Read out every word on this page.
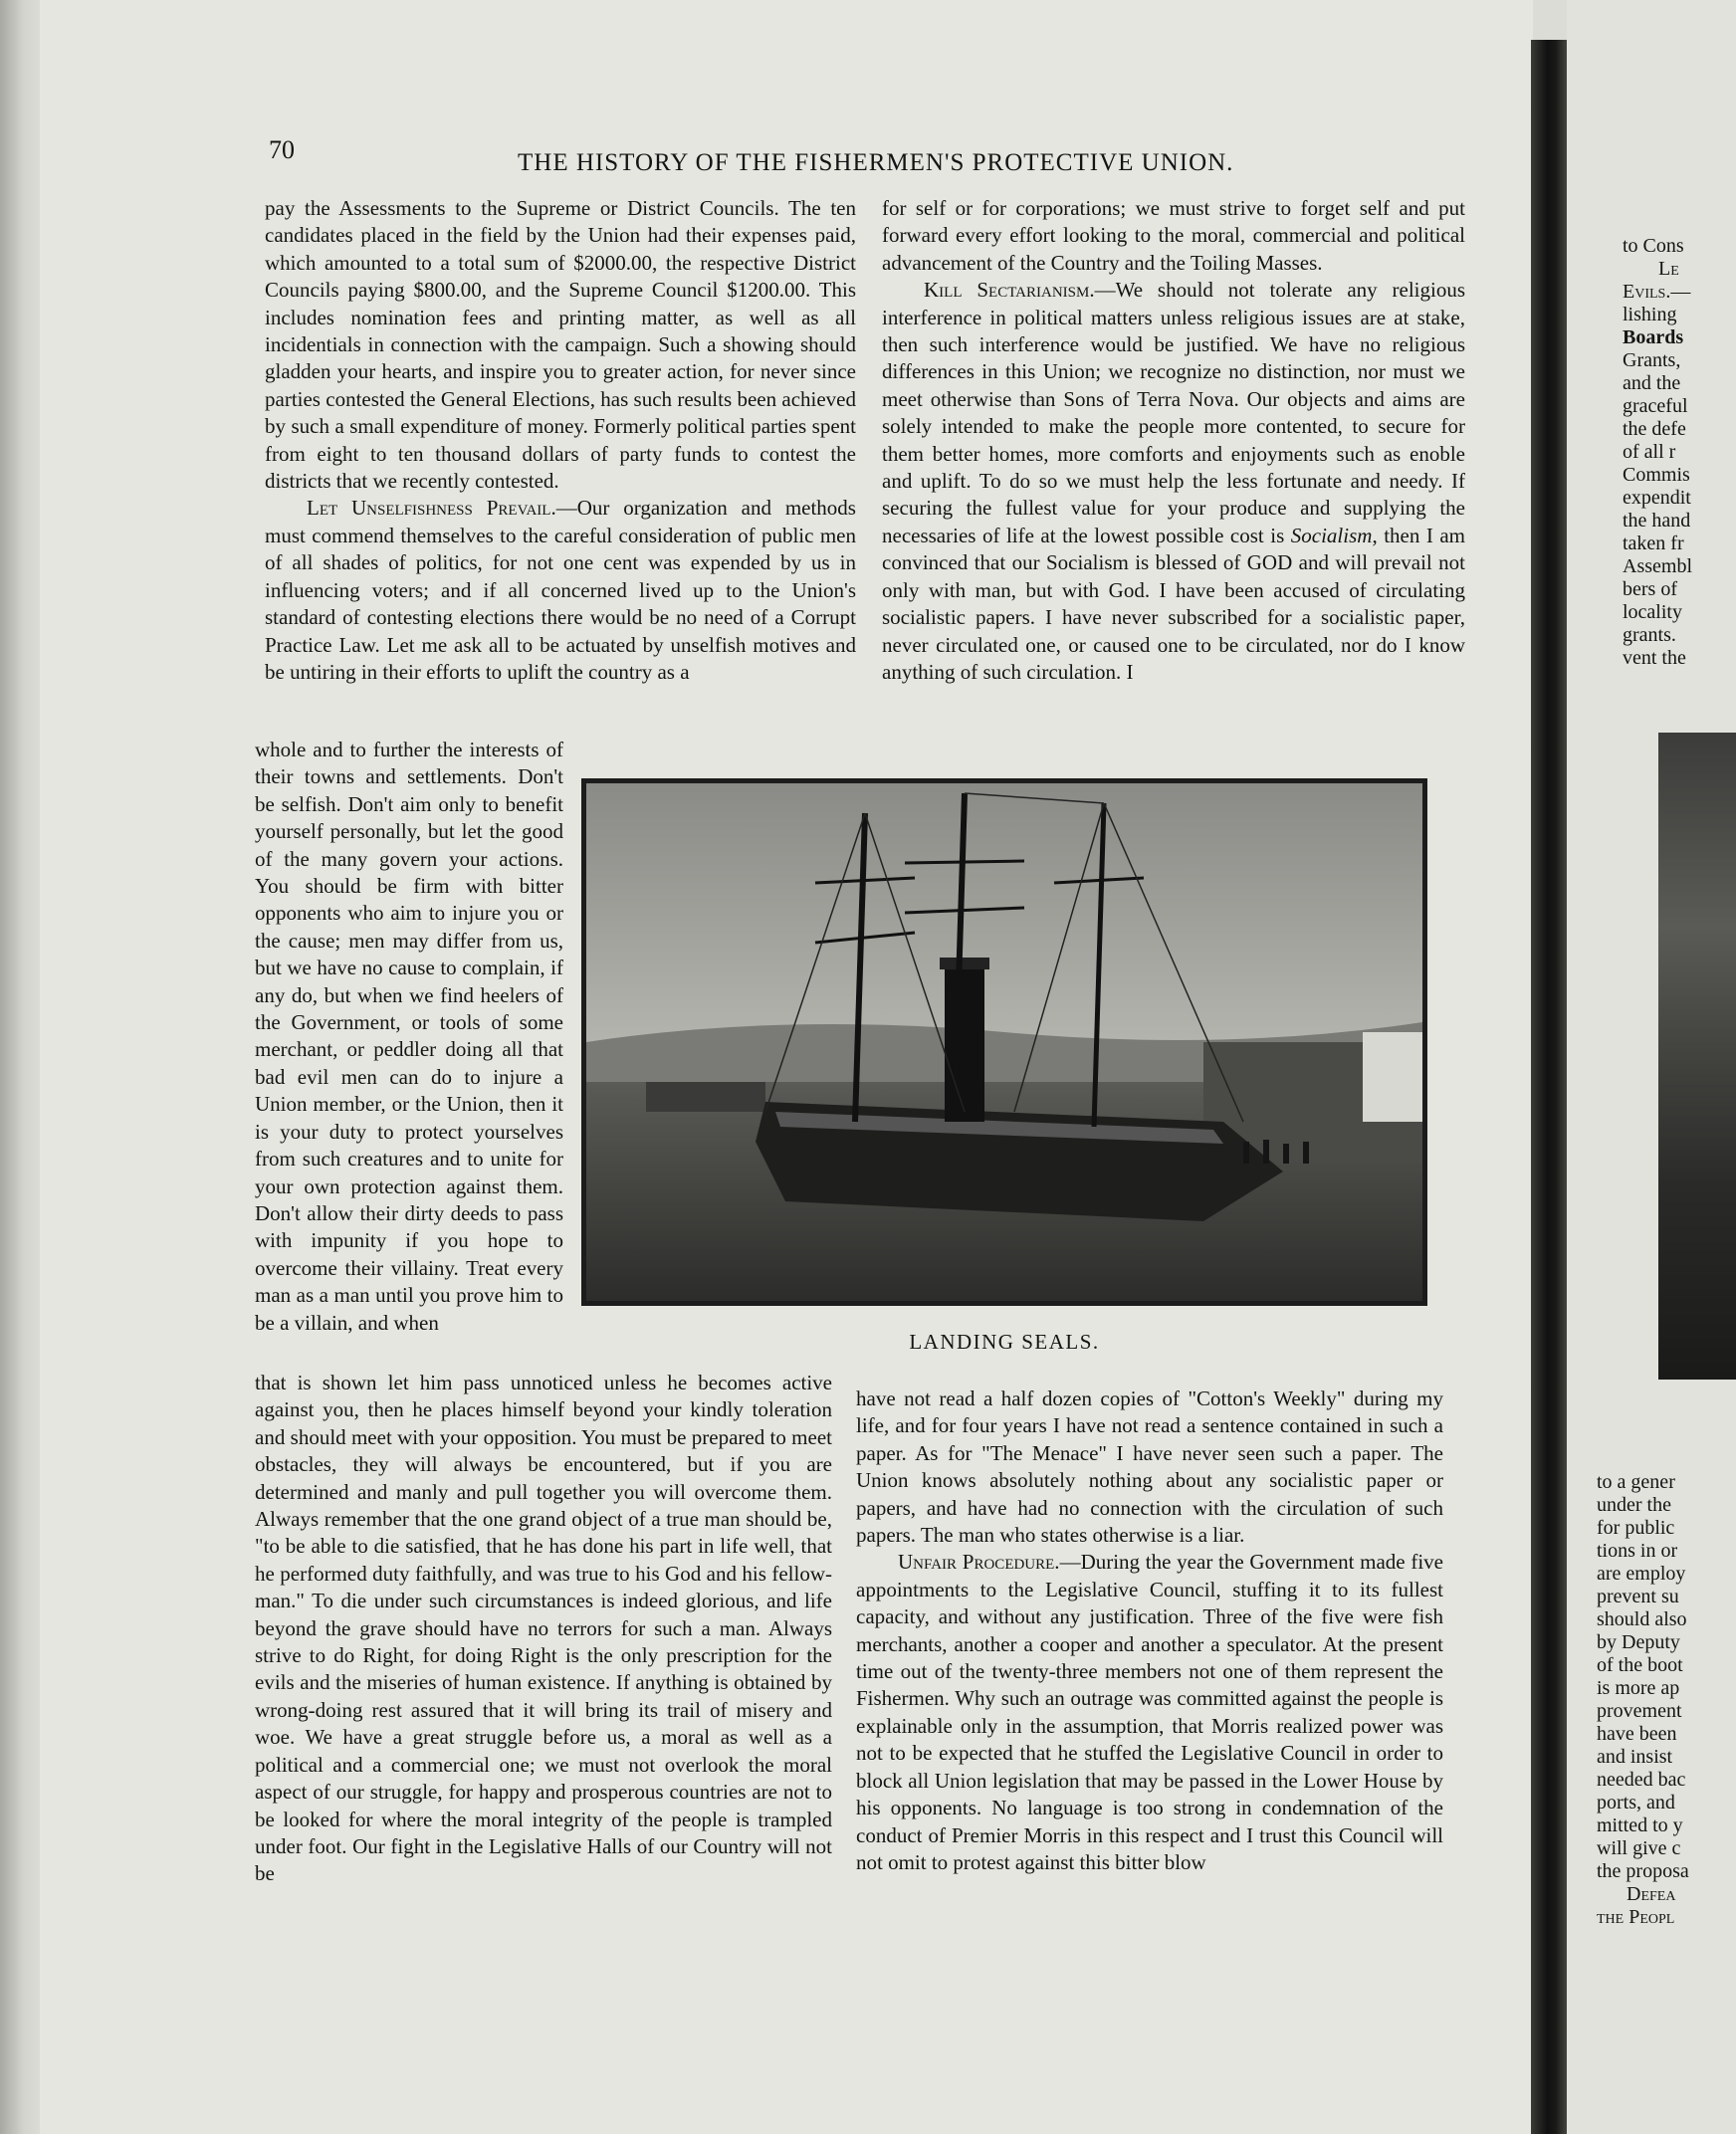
to Cons
Le
Evils.—
lishing
Boards
Grants,
and the
graceful
the defe
of all r
Commis
expendit
the hand
taken fr
Assembl
bers of
locality
grants.
vent the
to a gener
under the
for public
tions in or
are employ
prevent su
should also
by Deputy
of the boot
is more ap
provement
have been
and insist
needed bac
ports, and
mitted to y
will give c
the proposa
Defea
the Peopl
70	THE HISTORY OF THE FISHERMEN'S PROTECTIVE UNION.

pay the Assessments to the Supreme or District Councils. The ten candidates placed in the field by the Union had their expenses paid, which amounted to a total sum of $2000.00, the respective District Councils paying $800.00, and the Supreme Council $1200.00. This includes nomination fees and printing matter, as well as all incidentials in connection with the campaign. Such a showing should gladden your hearts, and inspire you to greater action, for never since parties contested the General Elections, has such results been achieved by such a small expenditure of money. Formerly political parties spent from eight to ten thousand dollars of party funds to contest the districts that we recently contested.

Let Unselfishness Prevail.—Our organization and methods must commend themselves to the careful consideration of public men of all shades of politics, for not one cent was expended by us in influencing voters; and if all concerned lived up to the Union's standard of contesting elections there would be no need of a Corrupt Practice Law. Let me ask all to be actuated by unselfish motives and be untiring in their efforts to uplift the country as a

whole and to further the interests of their towns and settlements. Don't be selfish. Don't aim only to benefit yourself personally, but let the good of the many govern your actions. You should be firm with bitter opponents who aim to injure you or the cause; men may differ from us, but we have no cause to complain, if any do, but when we find heelers of the Government, or tools of some merchant, or peddler doing all that bad evil men can do to injure a Union member, or the Union, then it is your duty to protect yourselves from such creatures and to unite for your own protection against them. Don't allow their dirty deeds to pass with impunity if you hope to overcome their villainy. Treat every man as a man until you prove him to be a villain, and when

that is shown let him pass unnoticed unless he becomes active against you, then he places himself beyond your kindly toleration and should meet with your opposition. You must be prepared to meet obstacles, they will always be encountered, but if you are determined and manly and pull together you will overcome them. Always remember that the one grand object of a true man should be, "to be able to die satisfied, that he has done his part in life well, that he performed duty faithfully, and was true to his God and his fellow-man." To die under such circumstances is indeed glorious, and life beyond the grave should have no terrors for such a man. Always strive to do Right, for doing Right is the only prescription for the evils and the miseries of human existence. If anything is obtained by wrong-doing rest assured that it will bring its trail of misery and woe. We have a great struggle before us, a moral as well as a political and a commercial one; we must not overlook the moral aspect of our struggle, for happy and prosperous countries are not to be looked for where the moral integrity of the people is trampled under foot. Our fight in the Legislative Halls of our Country will not be

for self or for corporations; we must strive to forget self and put forward every effort looking to the moral, commercial and political advancement of the Country and the Toiling Masses.

Kill Sectarianism.—We should not tolerate any religious interference in political matters unless religious issues are at stake, then such interference would be justified. We have no religious differences in this Union; we recognize no distinction, nor must we meet otherwise than Sons of Terra Nova. Our objects and aims are solely intended to make the people more contented, to secure for them better homes, more comforts and enjoyments such as enoble and uplift. To do so we must help the less fortunate and needy. If securing the fullest value for your produce and supplying the necessaries of life at the lowest possible cost is Socialism, then I am convinced that our Socialism is blessed of GOD and will prevail not only with man, but with God. I have been accused of circulating socialistic papers. I have never subscribed for a socialistic paper, never circulated one, or caused one to be circulated, nor do I know anything of such circulation. I

LANDING SEALS.

have not read a half dozen copies of "Cotton's Weekly" during my life, and for four years I have not read a sentence contained in such a paper. As for "The Menace" I have never seen such a paper. The Union knows absolutely nothing about any socialistic paper or papers, and have had no connection with the circulation of such papers. The man who states otherwise is a liar.

Unfair Procedure.—During the year the Government made five appointments to the Legislative Council, stuffing it to its fullest capacity, and without any justification. Three of the five were fish merchants, another a cooper and another a speculator. At the present time out of the twenty-three members not one of them represent the Fishermen. Why such an outrage was committed against the people is explainable only in the assumption, that Morris realized power was not to be expected that he stuffed the Legislative Council in order to block all Union legislation that may be passed in the Lower House by his opponents. No language is too strong in condemnation of the conduct of Premier Morris in this respect and I trust this Council will not omit to protest against this bitter blow
